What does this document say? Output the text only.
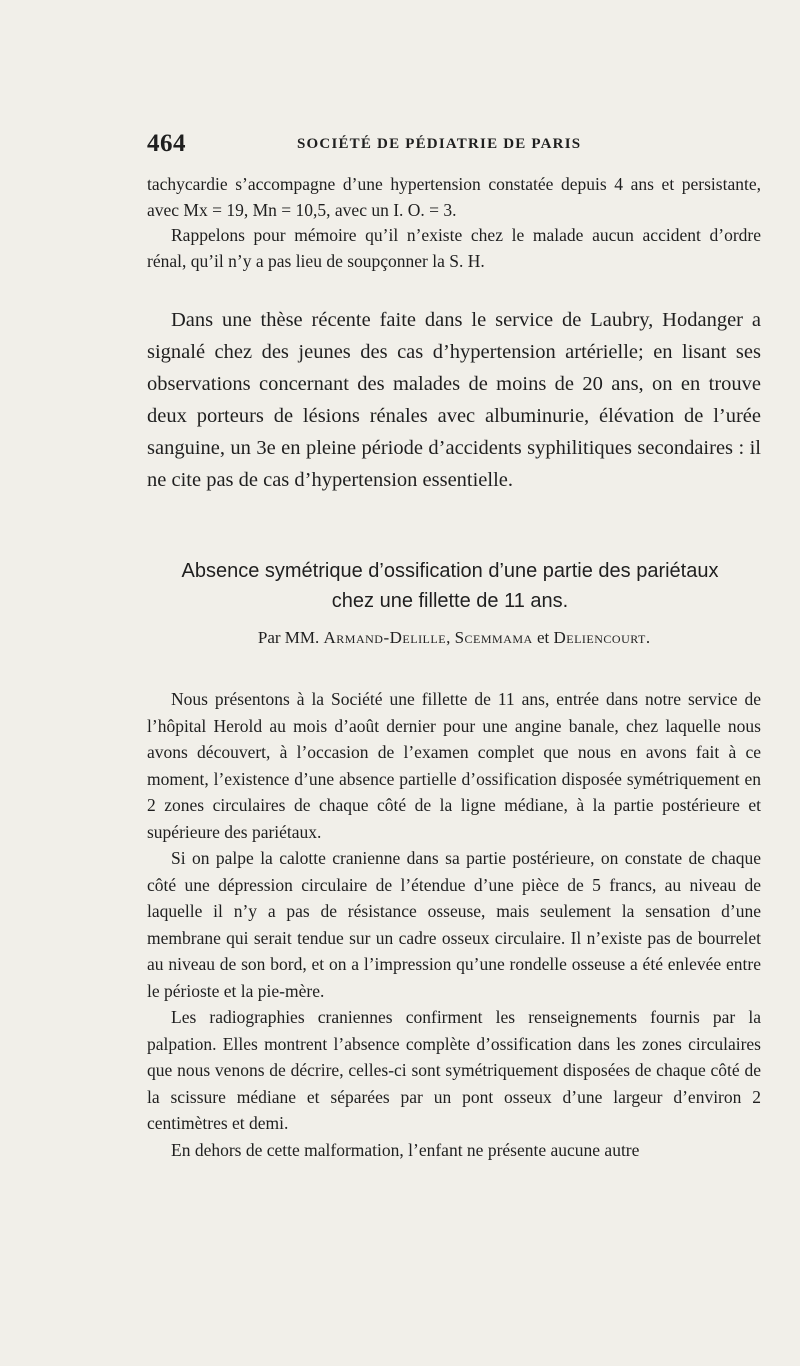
464	SOCIÉTÉ DE PÉDIATRIE DE PARIS

tachycardie s’accompagne d’une hypertension constatée depuis 4 ans et persistante, avec Mx = 19, Mn = 10,5, avec un I. O. = 3.

Rappelons pour mémoire qu’il n’existe chez le malade aucun accident d’ordre rénal, qu’il n’y a pas lieu de soupçonner la S. H.

Dans une thèse récente faite dans le service de Laubry, Hodanger a signalé chez des jeunes des cas d’hypertension artérielle; en lisant ses observations concernant des malades de moins de 20 ans, on en trouve deux porteurs de lésions rénales avec albuminurie, élévation de l’urée sanguine, un 3e en pleine période d’accidents syphilitiques secondaires : il ne cite pas de cas d’hypertension essentielle.

Absence symétrique d’ossification d’une partie des pariétaux
chez une fillette de 11 ans.
Par MM. Armand-Delille, Scemmama et Deliencourt.

Nous présentons à la Société une fillette de 11 ans, entrée dans notre service de l’hôpital Herold au mois d’août dernier pour une angine banale, chez laquelle nous avons découvert, à l’occasion de l’examen complet que nous en avons fait à ce moment, l’existence d’une absence partielle d’ossification disposée symétriquement en 2 zones circulaires de chaque côté de la ligne médiane, à la partie postérieure et supérieure des pariétaux.

Si on palpe la calotte cranienne dans sa partie postérieure, on constate de chaque côté une dépression circulaire de l’étendue d’une pièce de 5 francs, au niveau de laquelle il n’y a pas de résistance osseuse, mais seulement la sensation d’une membrane qui serait tendue sur un cadre osseux circulaire. Il n’existe pas de bourrelet au niveau de son bord, et on a l’impression qu’une rondelle osseuse a été enlevée entre le périoste et la pie-mère.

Les radiographies craniennes confirment les renseignements fournis par la palpation. Elles montrent l’absence complète d’ossification dans les zones circulaires que nous venons de décrire, celles-ci sont symétriquement disposées de chaque côté de la scissure médiane et séparées par un pont osseux d’une largeur d’environ 2 centimètres et demi.

En dehors de cette malformation, l’enfant ne présente aucune autre
